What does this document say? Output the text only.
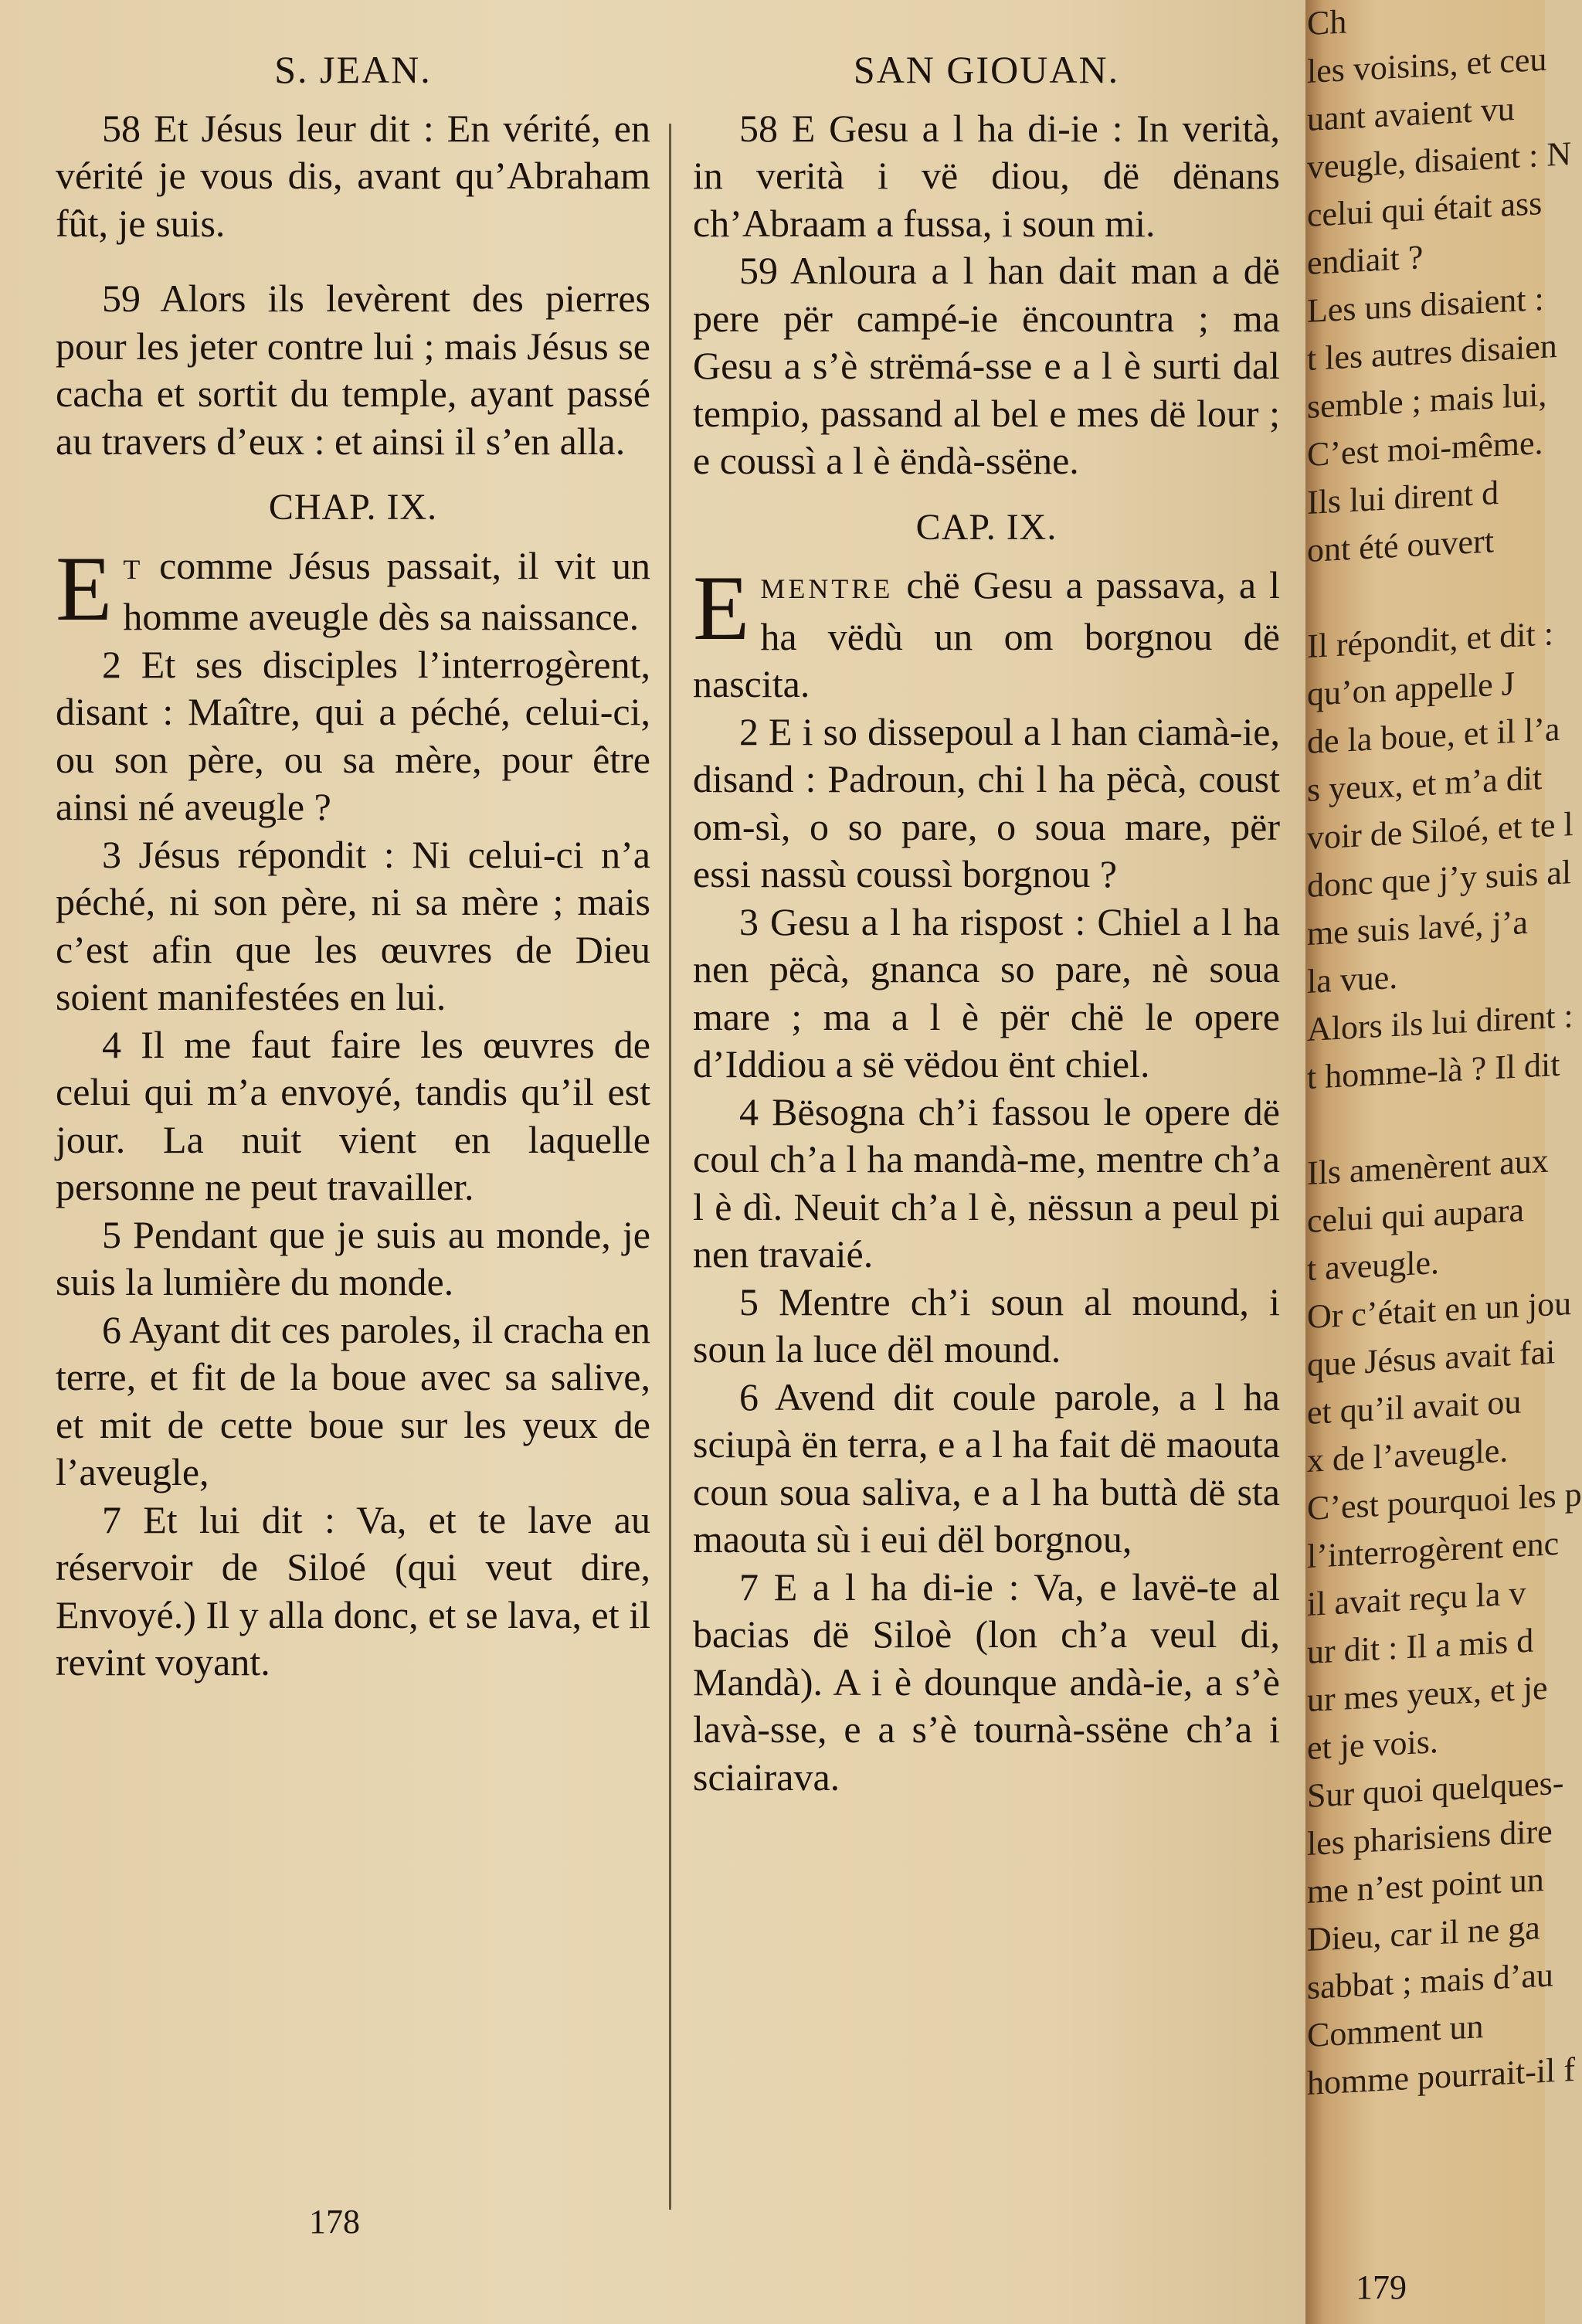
S. JEAN.

58 Et Jésus leur dit : En vérité, en vérité je vous dis, avant qu’Abraham fût, je suis.

59 Alors ils levèrent des pierres pour les jeter contre lui ; mais Jésus se cacha et sortit du temple, ayant passé au travers d’eux : et ainsi il s’en alla.

CHAP. IX.

E T comme Jésus passait, il vit un homme aveugle dès sa naissance.

2 Et ses disciples l’interrogèrent, disant : Maître, qui a péché, celui-ci, ou son père, ou sa mère, pour être ainsi né aveugle ?

3 Jésus répondit : Ni celui-ci n’a péché, ni son père, ni sa mère ; mais c’est afin que les œuvres de Dieu soient manifestées en lui.

4 Il me faut faire les œuvres de celui qui m’a envoyé, tandis qu’il est jour. La nuit vient en laquelle personne ne peut travailler.

5 Pendant que je suis au monde, je suis la lumière du monde.

6 Ayant dit ces paroles, il cracha en terre, et fit de la boue avec sa salive, et mit de cette boue sur les yeux de l’aveugle,

7 Et lui dit : Va, et te lave au réservoir de Siloé (qui veut dire, Envoyé.) Il y alla donc, et se lava, et il revint voyant.

SAN GIOUAN.

58 E Gesu a l ha di-ie : In verità, in verità i vë diou, dë dënans ch’Abraam a fussa, i soun mi.

59 Anloura a l han dait man a dë pere për campé-ie ëncountra ; ma Gesu a s’è strëmá-sse e a l è surti dal tempio, passand al bel e mes dë lour ; e coussì a l è ëndà-ssëne.

CAP. IX.

EMENTRE chë Gesu a passava, a l ha vëdù un om borgnou dë nascita.

2 E i so dissepoul a l han ciamà-ie, disand : Padroun, chi l ha pëcà, coust om-sì, o so pare, o soua mare, për essi nassù coussì borgnou ?

3 Gesu a l ha rispost : Chiel a l ha nen pëcà, gnanca so pare, nè soua mare ; ma a l è për chë le opere d’Iddiou a së vëdou ënt chiel.

4 Bësogna ch’i fassou le opere dë coul ch’a l ha mandà-me, mentre ch’a l è dì. Neuit ch’a l è, nëssun a peul pi nen travaié.

5 Mentre ch’i soun al mound, i soun la luce dël mound.

6 Avend dit coule parole, a l ha sciupà ën terra, e a l ha fait dë maouta coun soua saliva, e a l ha buttà dë sta maouta sù i eui dël borgnou,

7 E a l ha di-ie : Va, e lavë-te al bacias dë Siloè (lon ch’a veul di, Mandà). A i è dounque andà-ie, a s’è lavà-sse, e a s’è tournà-ssëne ch’a i sciairava.

178
Ch
les voisins, et ceu
uant avaient vu
veugle, disaient : N
celui qui était ass
endiait ?
Les uns disaient :
t les autres disaien
semble ; mais lui,
C’est moi-même.
Ils lui dirent d
ont été ouvert
Il répondit, et dit :
qu’on appelle J
de la boue, et il l’a
s yeux, et m’a dit
voir de Siloé, et te l
donc que j’y suis al
me suis lavé, j’a
la vue.
Alors ils lui dirent :
t homme-là ? Il dit
Ils amenèrent aux
celui qui aupara
t aveugle.
Or c’était en un jou
que Jésus avait fai
et qu’il avait ou
x de l’aveugle.
C’est pourquoi les p
l’interrogèrent enc
il avait reçu la v
ur dit : Il a mis d
ur mes yeux, et je
et je vois.
Sur quoi quelques-
les pharisiens dire
me n’est point un
Dieu, car il ne ga
sabbat ; mais d’au
Comment un
homme pourrait-il f
179
